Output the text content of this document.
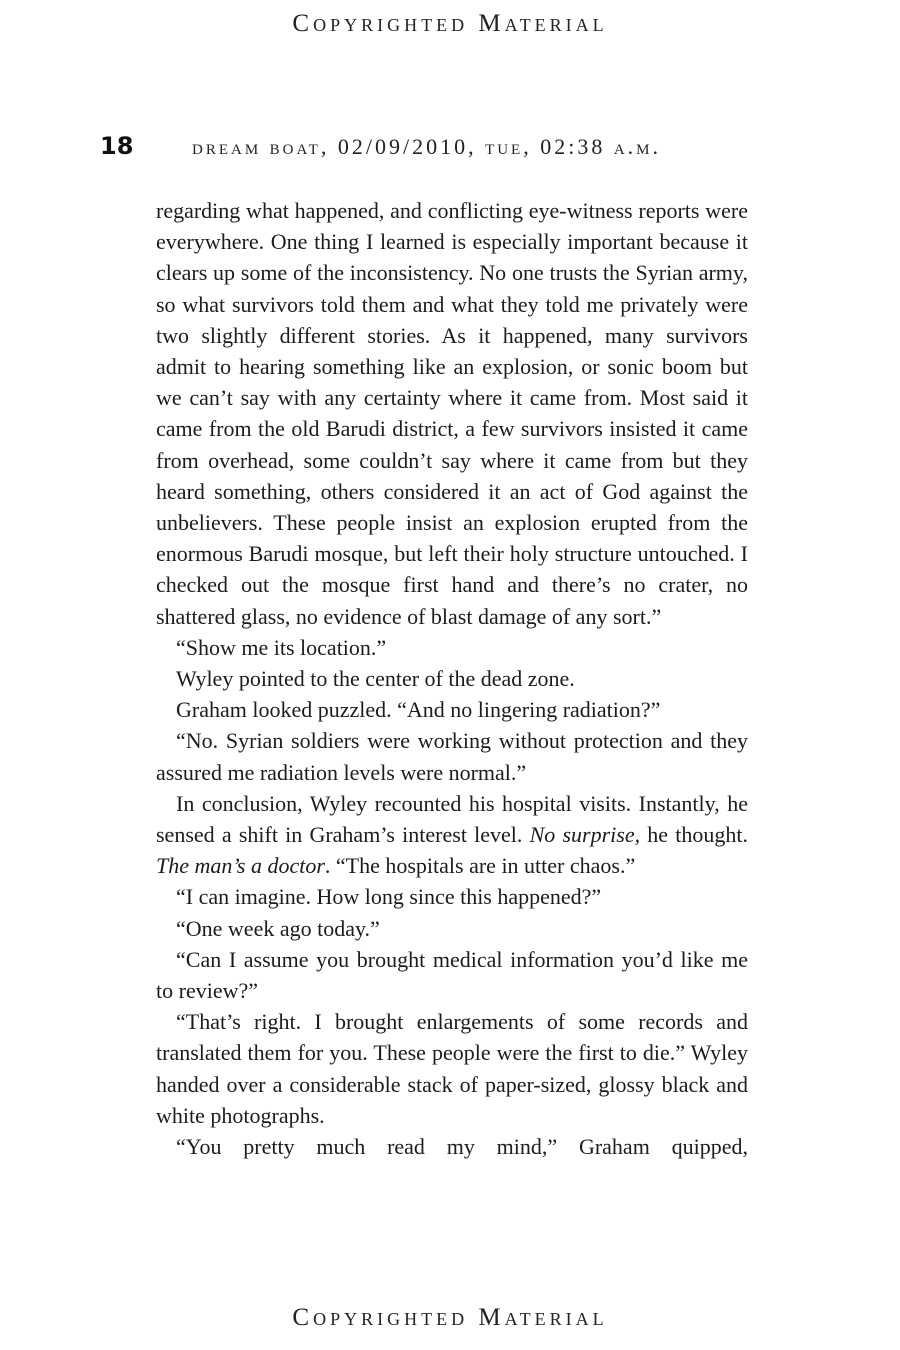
Copyrighted Material
18	dream boat, 02/09/2010, tue, 02:38 a.m.

regarding what happened, and conflicting eye-witness reports were everywhere. One thing I learned is especially important because it clears up some of the inconsistency. No one trusts the Syrian army, so what survivors told them and what they told me privately were two slightly different stories. As it happened, many survivors admit to hearing something like an explosion, or sonic boom but we can’t say with any certainty where it came from. Most said it came from the old Barudi district, a few survivors insisted it came from overhead, some couldn’t say where it came from but they heard something, others considered it an act of God against the unbelievers. These people insist an explosion erupted from the enormous Barudi mosque, but left their holy structure untouched. I checked out the mosque first hand and there’s no crater, no shattered glass, no evidence of blast damage of any sort.”

“Show me its location.”

Wyley pointed to the center of the dead zone.

Graham looked puzzled. “And no lingering radiation?”

“No. Syrian soldiers were working without protection and they assured me radiation levels were normal.”

In conclusion, Wyley recounted his hospital visits. Instantly, he sensed a shift in Graham’s interest level. No surprise, he thought. The man’s a doctor. “The hospitals are in utter chaos.”

“I can imagine. How long since this happened?”

“One week ago today.”

“Can I assume you brought medical information you’d like me to review?”

“That’s right. I brought enlargements of some records and translated them for you. These people were the first to die.” Wyley handed over a considerable stack of paper-sized, glossy black and white photographs.

“You pretty much read my mind,” Graham quipped,

Copyrighted Material
